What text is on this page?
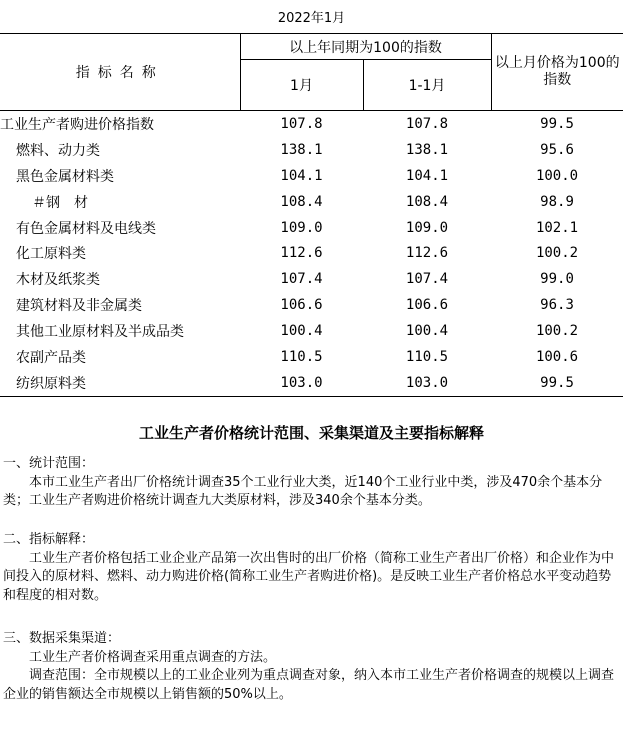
2022年1月
指标名称	以上年同期为100的指数		以上月价格为100的指数
	1月	1-1月	
工业生产者购进价格指数	107.8	107.8	99.5
燃料、动力类	138.1	138.1	95.6
黑色金属材料类	104.1	104.1	100.0
＃钢　材	108.4	108.4	98.9
有色金属材料及电线类	109.0	109.0	102.1
化工原料类	112.6	112.6	100.2
木材及纸浆类	107.4	107.4	99.0
建筑材料及非金属类	106.6	106.6	96.3
其他工业原材料及半成品类	100.4	100.4	100.2
农副产品类	110.5	110.5	100.6
纺织原料类	103.0	103.0	99.5
工业生产者价格统计范围、采集渠道及主要指标解释

一、统计范围：

本市工业生产者出厂价格统计调查35个工业行业大类，近140个工业行业中类，涉及470余个基本分类；工业生产者购进价格统计调查九大类原材料，涉及340余个基本分类。

二、指标解释：

工业生产者价格包括工业企业产品第一次出售时的出厂价格（简称工业生产者出厂价格）和企业作为中间投入的原材料、燃料、动力购进价格(简称工业生产者购进价格)。是反映工业生产者价格总水平变动趋势和程度的相对数。

三、数据采集渠道：

工业生产者价格调查采用重点调查的方法。

调查范围：全市规模以上的工业企业列为重点调查对象，纳入本市工业生产者价格调查的规模以上调查企业的销售额达全市规模以上销售额的50%以上。
